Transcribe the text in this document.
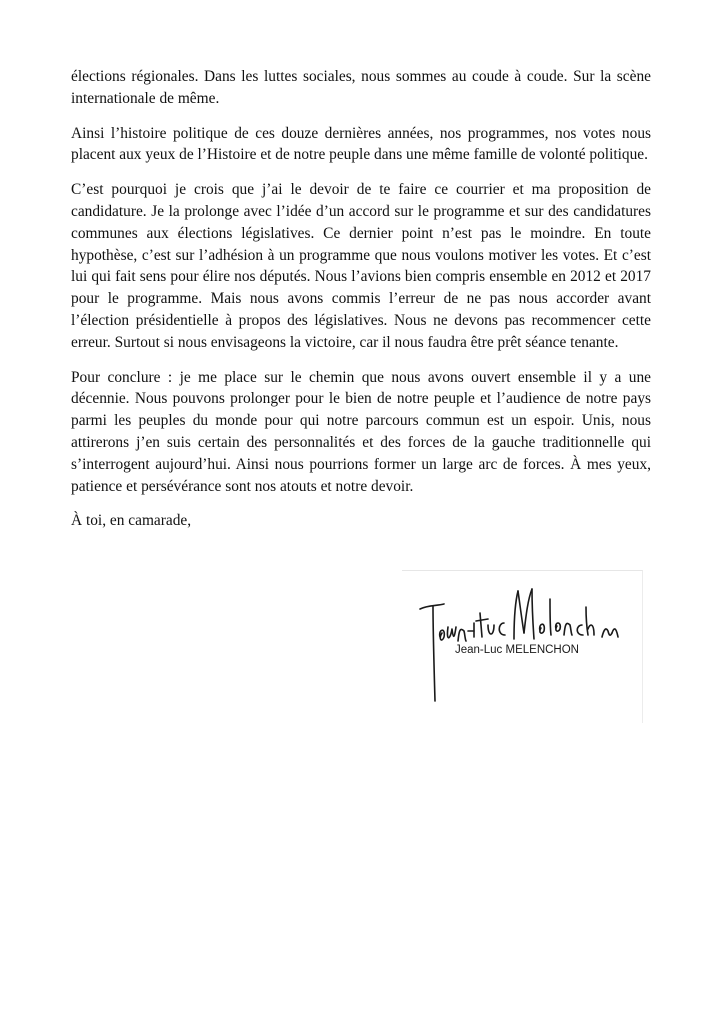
élections régionales. Dans les luttes sociales, nous sommes au coude à coude. Sur la scène internationale de même.

Ainsi l’histoire politique de ces douze dernières années, nos programmes, nos votes nous placent aux yeux de l’Histoire et de notre peuple dans une même famille de volonté politique.

C’est pourquoi je crois que j’ai le devoir de te faire ce courrier et ma proposition de candidature. Je la prolonge avec l’idée d’un accord sur le programme et sur des candidatures communes aux élections législatives. Ce dernier point n’est pas le moindre. En toute hypothèse, c’est sur l’adhésion à un programme que nous voulons motiver les votes. Et c’est lui qui fait sens pour élire nos députés. Nous l’avions bien compris ensemble en 2012 et 2017 pour le programme. Mais nous avons commis l’erreur de ne pas nous accorder avant l’élection présidentielle à propos des législatives. Nous ne devons pas recommencer cette erreur. Surtout si nous envisageons la victoire, car il nous faudra être prêt séance tenante.

Pour conclure : je me place sur le chemin que nous avons ouvert ensemble il y a une décennie. Nous pouvons prolonger pour le bien de notre peuple et l’audience de notre pays parmi les peuples du monde pour qui notre parcours commun est un espoir. Unis, nous attirerons j’en suis certain des personnalités et des forces de la gauche traditionnelle qui s’interrogent aujourd’hui. Ainsi nous pourrions former un large arc de forces. À mes yeux, patience et persévérance sont nos atouts et notre devoir.

À toi, en camarade,

Jean-Luc MELENCHON
